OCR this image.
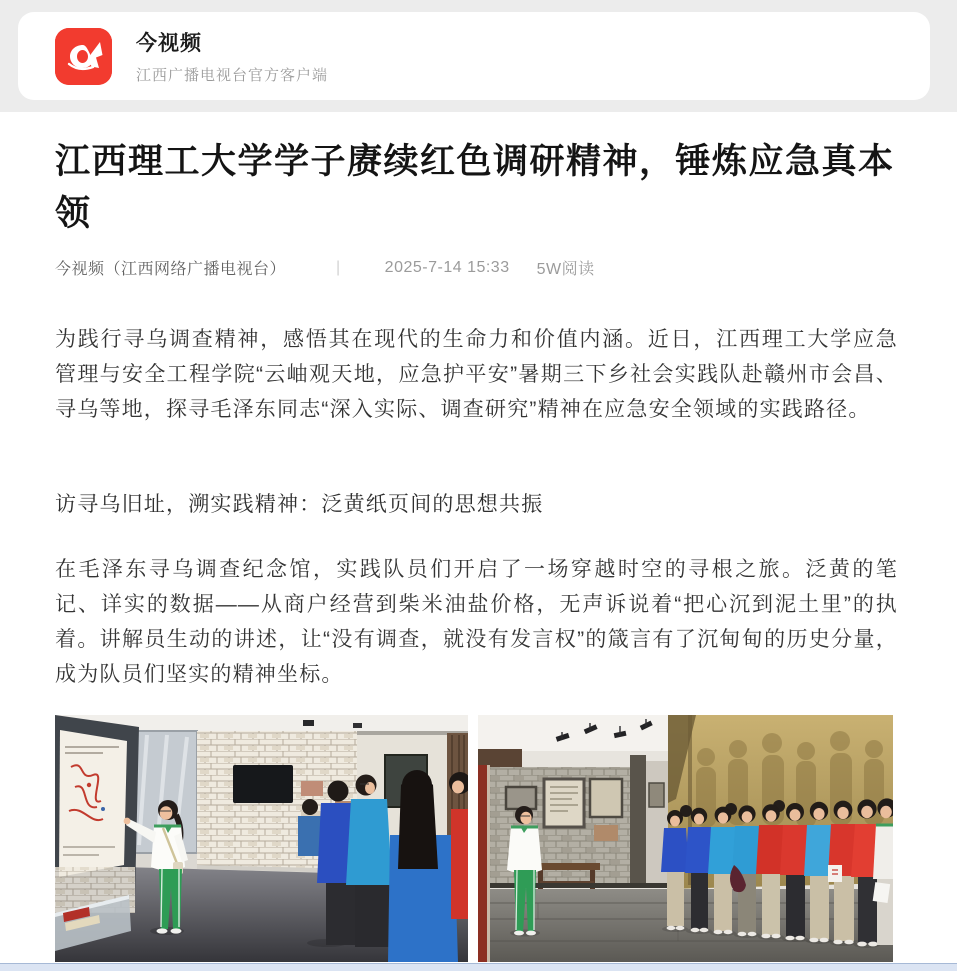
今视频
江西广播电视台官方客户端
江西理工大学学子赓续红色调研精神，锤炼应急真本领
今视频（江西网络广播电视台）	|	2025-7-14 15:33 5W阅读

为践行寻乌调查精神，感悟其在现代的生命力和价值内涵。近日，江西理工大学应急管理与安全工程学院“云岫观天地，应急护平安”暑期三下乡社会实践队赴赣州市会昌、寻乌等地，探寻毛泽东同志“深入实际、调查研究”精神在应急安全领域的实践路径。

访寻乌旧址，溯实践精神：泛黄纸页间的思想共振

在毛泽东寻乌调查纪念馆，实践队员们开启了一场穿越时空的寻根之旅。泛黄的笔记、详实的数据——从商户经营到柴米油盐价格，无声诉说着“把心沉到泥土里”的执着。讲解员生动的讲述，让“没有调查，就没有发言权”的箴言有了沉甸甸的历史分量，成为队员们坚实的精神坐标。
